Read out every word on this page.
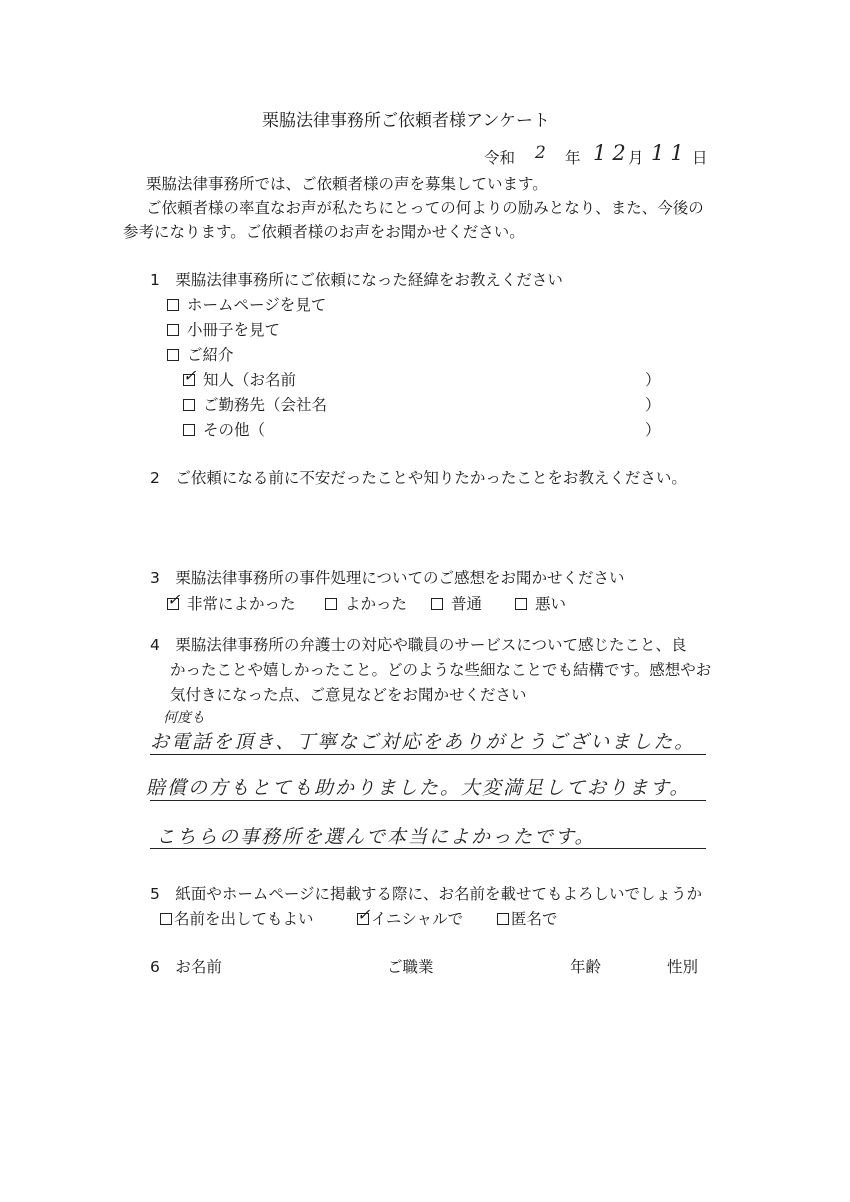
栗脇法律事務所ご依頼者様アンケート
令和 2 年 12
月 11 日
栗脇法律事務所では、ご依頼者様の声を募集しています。
ご依頼者様の率直なお声が私たちにとっての何よりの励みとなり、また、今後の
参考になります。ご依頼者様のお声をお聞かせください。
1　栗脇法律事務所にご依頼になった経緯をお教えください
ホームページを見て
小冊子を見て
ご紹介
✓ 知人（お名前	）
ご勤務先（会社名	）
その他（	）
2　ご依頼になる前に不安だったことや知りたかったことをお教えください。
3　栗脇法律事務所の事件処理についてのご感想をお聞かせください
✓ 非常によかった	よかった	普通	悪い
4　栗脇法律事務所の弁護士の対応や職員のサービスについて感じたこと、良
かったことや嬉しかったこと。どのような些細なことでも結構です。感想やお
気付きになった点、ご意見などをお聞かせください
何度も
お電話を頂き、丁寧なご対応をありがとうございました。
賠償の方もとても助かりました。大変満足しております。
こちらの事務所を選んで本当によかったです。
5　紙面やホームページに掲載する際に、お名前を載せてもよろしいでしょうか
名前を出してもよい	✓ イニシャルで	匿名で
6　お名前	ご職業	年齢	性別
